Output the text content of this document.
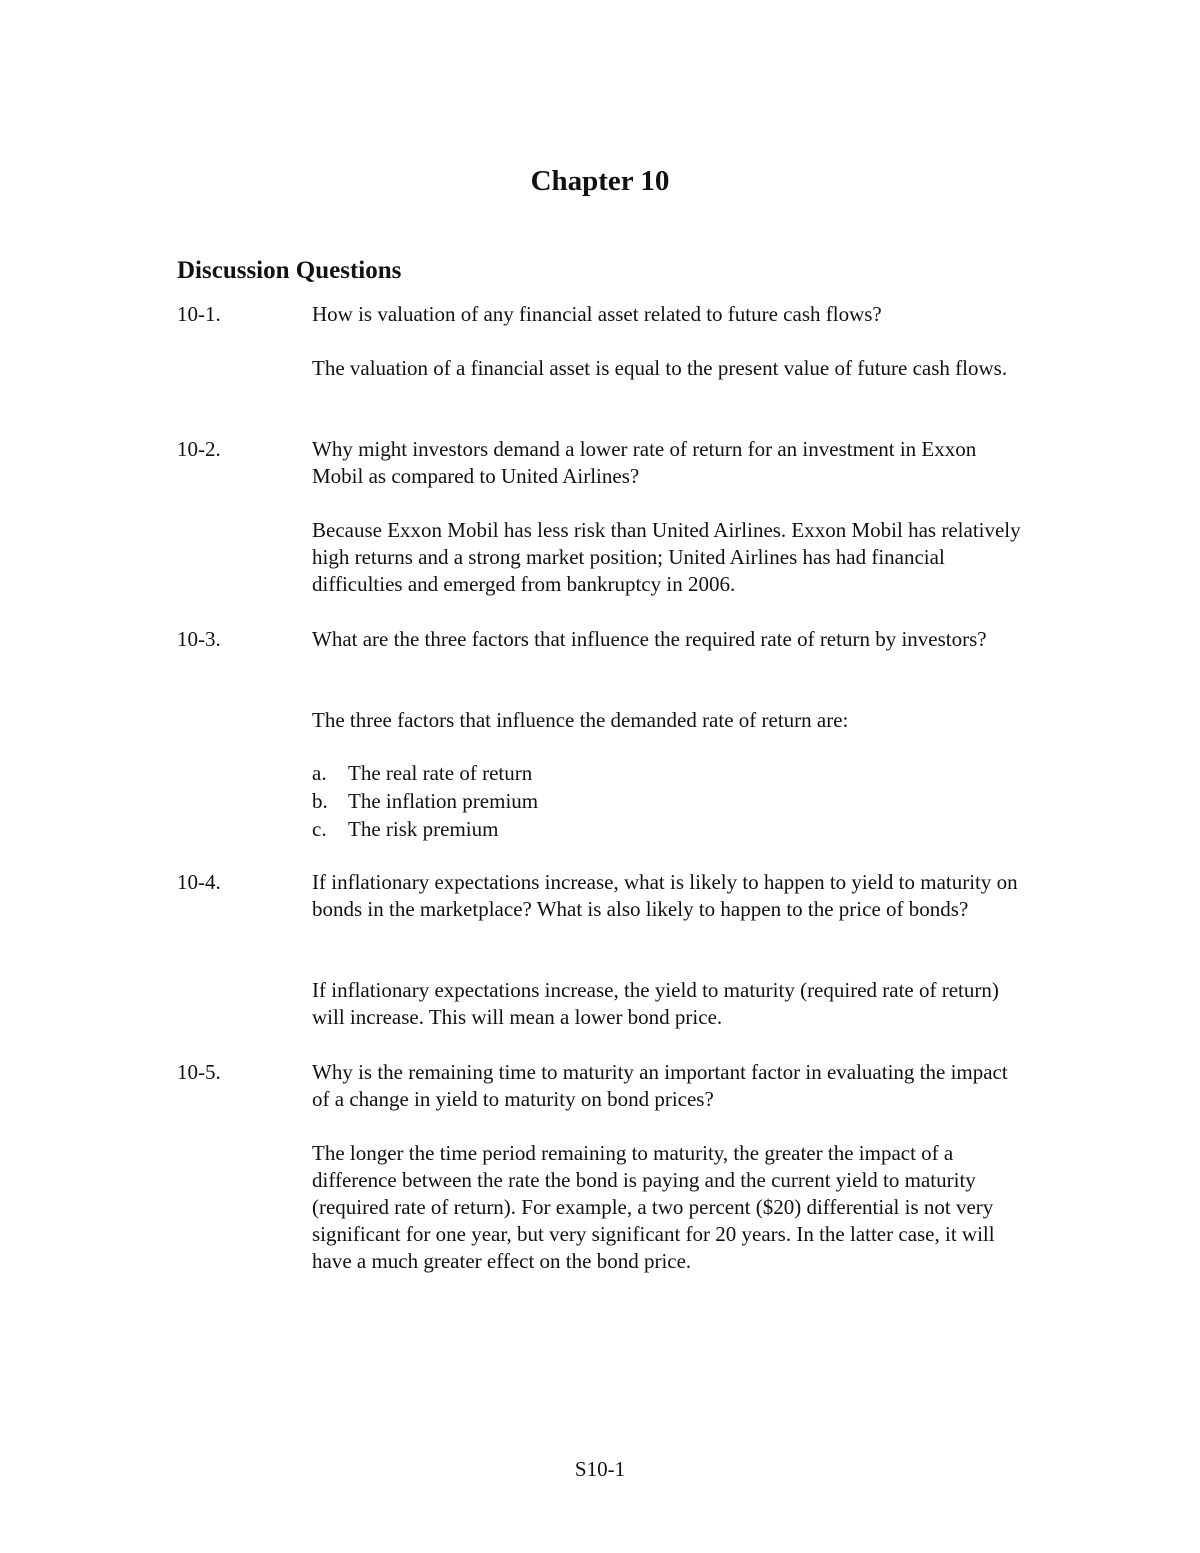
Chapter 10
Discussion Questions
10-1.	How is valuation of any financial asset related to future cash flows?

The valuation of a financial asset is equal to the present value of future cash flows.

10-2.	Why might investors demand a lower rate of return for an investment in Exxon Mobil as compared to United Airlines?

Because Exxon Mobil has less risk than United Airlines. Exxon Mobil has relatively high returns and a strong market position; United Airlines has had financial difficulties and emerged from bankruptcy in 2006.

10-3.	What are the three factors that influence the required rate of return by investors?

The three factors that influence the demanded rate of return are:

a. The real rate of return
b. The inflation premium
c. The risk premium
10-4.	If inflationary expectations increase, what is likely to happen to yield to maturity on bonds in the marketplace? What is also likely to happen to the price of bonds?

If inflationary expectations increase, the yield to maturity (required rate of return) will increase. This will mean a lower bond price.

10-5.	Why is the remaining time to maturity an important factor in evaluating the impact of a change in yield to maturity on bond prices?

The longer the time period remaining to maturity, the greater the impact of a difference between the rate the bond is paying and the current yield to maturity (required rate of return). For example, a two percent ($20) differential is not very significant for one year, but very significant for 20 years. In the latter case, it will have a much greater effect on the bond price.

S10-1
